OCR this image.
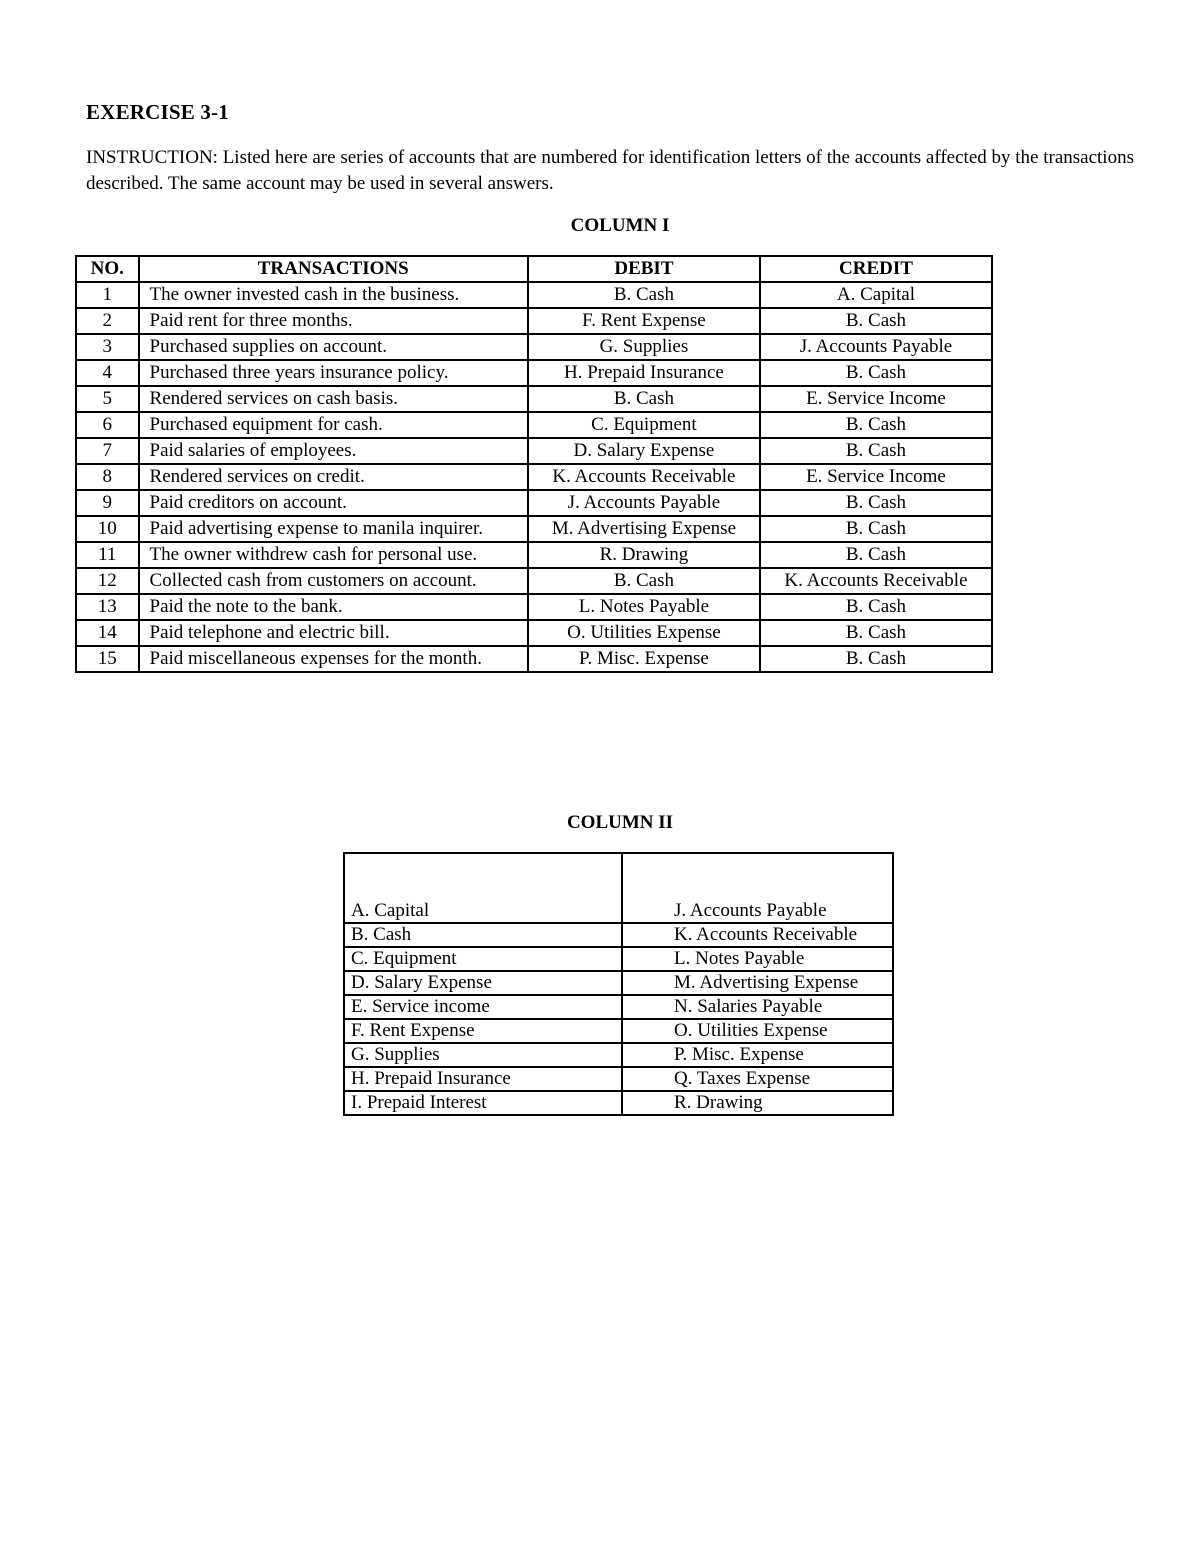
EXERCISE 3-1
INSTRUCTION: Listed here are series of accounts that are numbered for identification letters of the accounts affected by the transactions described. The same account may be used in several answers.
COLUMN I
NO.	TRANSACTIONS	DEBIT	CREDIT
1	The owner invested cash in the business.	B. Cash	A. Capital
2	Paid rent for three months.	F. Rent Expense	B. Cash
3	Purchased supplies on account.	G. Supplies	J. Accounts Payable
4	Purchased three years insurance policy.	H. Prepaid Insurance	B. Cash
5	Rendered services on cash basis.	B. Cash	E. Service Income
6	Purchased equipment for cash.	C. Equipment	B. Cash
7	Paid salaries of employees.	D. Salary Expense	B. Cash
8	Rendered services on credit.	K. Accounts Receivable	E. Service Income
9	Paid creditors on account.	J. Accounts Payable	B. Cash
10	Paid advertising expense to manila inquirer.	M. Advertising Expense	B. Cash
11	The owner withdrew cash for personal use.	R. Drawing	B. Cash
12	Collected cash from customers on account.	B. Cash	K. Accounts Receivable
13	Paid the note to the bank.	L. Notes Payable	B. Cash
14	Paid telephone and electric bill.	O. Utilities Expense	B. Cash
15	Paid miscellaneous expenses for the month.	P. Misc. Expense	B. Cash
COLUMN II
A. Capital	J. Accounts Payable
B. Cash	K. Accounts Receivable
C. Equipment	L. Notes Payable
D. Salary Expense	M. Advertising Expense
E. Service income	N. Salaries Payable
F. Rent Expense	O. Utilities Expense
G. Supplies	P. Misc. Expense
H. Prepaid Insurance	Q. Taxes Expense
I. Prepaid Interest	R. Drawing
